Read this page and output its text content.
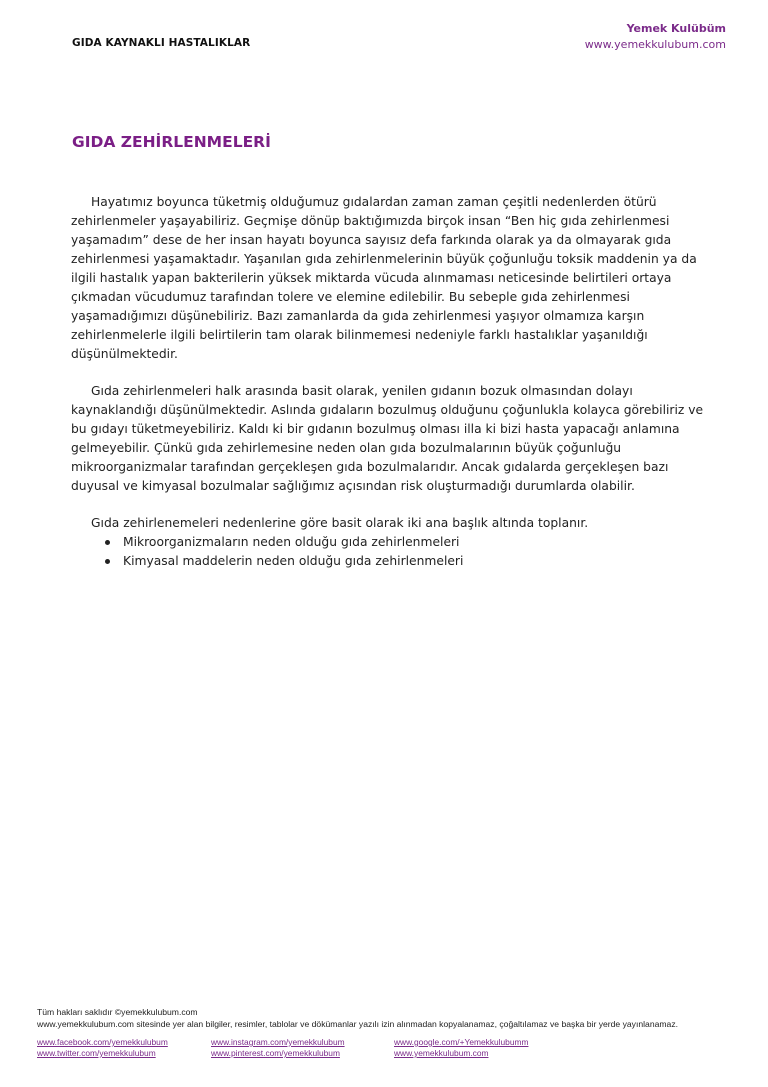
GIDA KAYNAKLI HASTALIKLAR
Yemek Kulübüm
www.yemekkulubum.com
GIDA ZEHİRLENMELERİ

Hayatımız boyunca tüketmiş olduğumuz gıdalardan zaman zaman çeşitli nedenlerden ötürü zehirlenmeler yaşayabiliriz. Geçmişe dönüp baktığımızda birçok insan “Ben hiç gıda zehirlenmesi yaşamadım” dese de her insan hayatı boyunca sayısız defa farkında olarak ya da olmayarak gıda zehirlenmesi yaşamaktadır. Yaşanılan gıda zehirlenmelerinin büyük çoğunluğu toksik maddenin ya da ilgili hastalık yapan bakterilerin yüksek miktarda vücuda alınmaması neticesinde belirtileri ortaya çıkmadan vücudumuz tarafından tolere ve elemine edilebilir. Bu sebeple gıda zehirlenmesi yaşamadığımızı düşünebiliriz. Bazı zamanlarda da gıda zehirlenmesi yaşıyor olmamıza karşın zehirlenmelerle ilgili belirtilerin tam olarak bilinmemesi nedeniyle farklı hastalıklar yaşanıldığı düşünülmektedir.

Gıda zehirlenmeleri halk arasında basit olarak, yenilen gıdanın bozuk olmasından dolayı kaynaklandığı düşünülmektedir. Aslında gıdaların bozulmuş olduğunu çoğunlukla kolayca görebiliriz ve bu gıdayı tüketmeyebiliriz. Kaldı ki bir gıdanın bozulmuş olması illa ki bizi hasta yapacağı anlamına gelmeyebilir. Çünkü gıda zehirlemesine neden olan gıda bozulmalarının büyük çoğunluğu mikroorganizmalar tarafından gerçekleşen gıda bozulmalarıdır. Ancak gıdalarda gerçekleşen bazı duyusal ve kimyasal bozulmalar sağlığımız açısından risk oluşturmadığı durumlarda olabilir.

Gıda zehirlenemeleri nedenlerine göre basit olarak iki ana başlık altında toplanır.

Mikroorganizmaların neden olduğu gıda zehirlenmeleri
Kimyasal maddelerin neden olduğu gıda zehirlenmeleri
Tüm hakları saklıdır ©yemekkulubum.com
www.yemekkulubum.com sitesinde yer alan bilgiler, resimler, tablolar ve dökümanlar yazılı izin alınmadan kopyalanamaz, çoğaltılamaz ve başka bir yerde yayınlanamaz.
www.facebook.com/yemekkulubum	www.instagram.com/yemekkulubum	www.google.com/+Yemekkulubumm
www.twitter.com/yemekkulubum	www.pinterest.com/yemekkulubum	www.yemekkulubum.com
